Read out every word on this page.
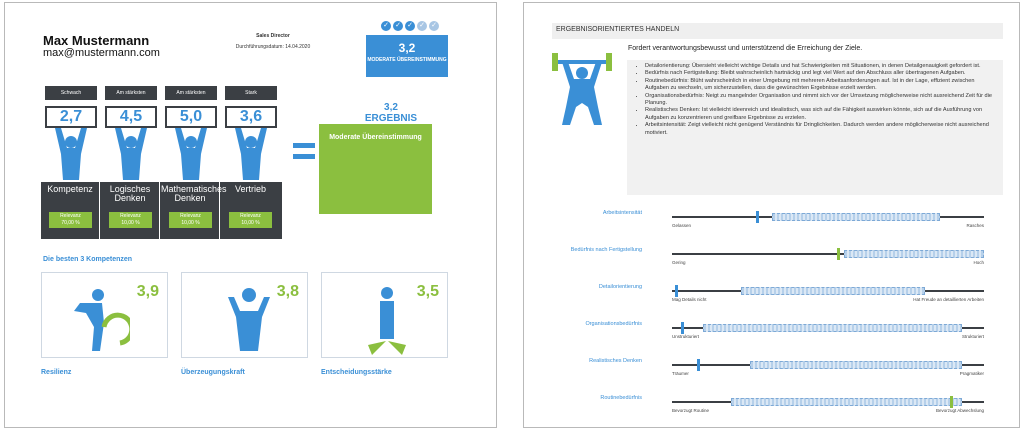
Max Mustermann
max@mustermann.com
Sales Director
Durchführungsdatum: 14.04.2020
✓ ✓ ✓ ✓ ✓
3,2
MODERATE ÜBEREINSTIMMUNG
Schwach
2,7
Am stärksten
4,5
Am stärksten
5,0
Stark
3,6
Kompetenz
Relevanz
70,00 %
Logisches Denken
Relevanz
10,00 %
Mathematisches Denken
Relevanz
10,00 %
Vertrieb
Relevanz
10,00 %
3,2
ERGEBNIS
Moderate Übereinstimmung
Die besten 3 Kompetenzen
3,9	3,8	3,5
Resilienz	Überzeugungskraft	Entscheidungsstärke
ERGEBNISORIENTIERTES HANDELN
Fordert verantwortungsbewusst und unterstützend die Erreichung der Ziele.
• Detailorientierung: Übersieht vielleicht wichtige Details und hat Schwierigkeiten mit Situationen, in denen Detailgenauigkeit gefordert ist.
• Bedürfnis nach Fertigstellung: Bleibt wahrscheinlich hartnäckig und legt viel Wert auf den Abschluss aller übertragenen Aufgaben.
• Routinebedürfnis: Blüht wahrscheinlich in einer Umgebung mit mehreren Arbeitsanforderungen auf. Ist in der Lage, effizient zwischen Aufgaben zu wechseln, um sicherzustellen, dass die gewünschten Ergebnisse erzielt werden.
• Organisationsbedürfnis: Neigt zu mangelnder Organisation und nimmt sich vor der Umsetzung möglicherweise nicht ausreichend Zeit für die Planung.
• Realistisches Denken: Ist vielleicht ideenreich und idealistisch, was sich auf die Fähigkeit auswirken könnte, sich auf die Ausführung von Aufgaben zu konzentrieren und greifbare Ergebnisse zu erzielen.
• Arbeitsintensität: Zeigt vielleicht nicht genügend Verständnis für Dringlichkeiten. Dadurch werden andere möglicherweise nicht ausreichend motiviert.
Arbeitsintensität
Gelassen	Rasches
Bedürfnis nach Fertigstellung
Gering	Hoch
Detailorientierung
Mag Details nicht	Hat Freude an detaillierten Arbeiten
Organisationsbedürfnis
Unstrukturiert	Strukturiert
Realistisches Denken
Träumer	Pragmatiker
Routinebedürfnis
Bevorzugt Routine	Bevorzugt Abwechslung
